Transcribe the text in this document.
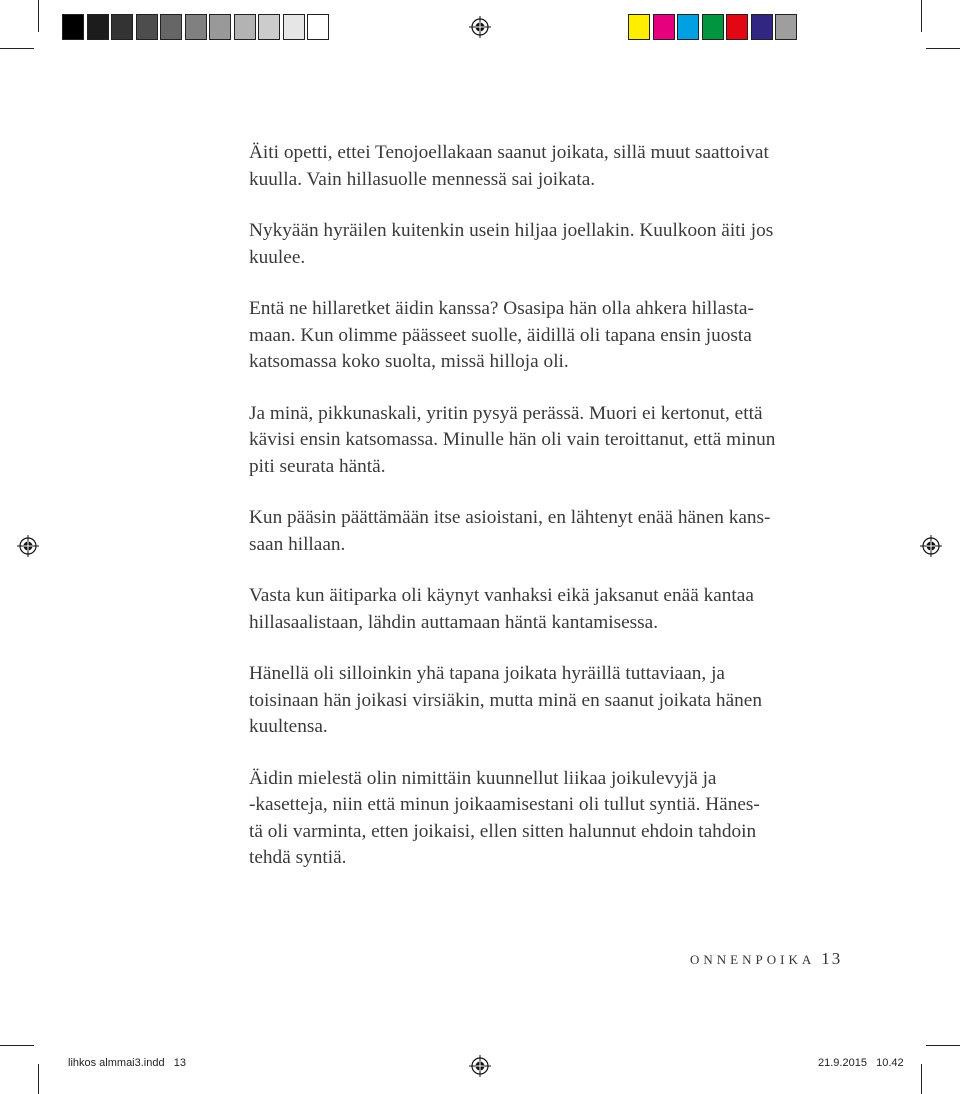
Äiti opetti, ettei Tenojoellakaan saanut joikata, sillä muut saattoivat
kuulla. Vain hillasuolle mennessä sai joikata.

Nykyään hyräilen kuitenkin usein hiljaa joellakin. Kuulkoon äiti jos
kuulee.

Entä ne hillaretket äidin kanssa? Osasipa hän olla ahkera hillasta-
maan. Kun olimme päässeet suolle, äidillä oli tapana ensin juosta
katsomassa koko suolta, missä hilloja oli.

Ja minä, pikkunaskali, yritin pysyä perässä. Muori ei kertonut, että
kävisi ensin katsomassa. Minulle hän oli vain teroittanut, että minun
piti seurata häntä.

Kun pääsin päättämään itse asioistani, en lähtenyt enää hänen kans-
saan hillaan.

Vasta kun äitiparka oli käynyt vanhaksi eikä jaksanut enää kantaa
hillasaalistaan, lähdin auttamaan häntä kantamisessa.

Hänellä oli silloinkin yhä tapana joikata hyräillä tuttaviaan, ja
toisinaan hän joikasi virsiäkin, mutta minä en saanut joikata hänen
kuultensa.

Äidin mielestä olin nimittäin kuunnellut liikaa joikulevyjä ja
-kasetteja, niin että minun joikaamisestani oli tullut syntiä. Hänes-
tä oli varminta, etten joikaisi, ellen sitten halunnut ehdoin tahdoin
tehdä syntiä.

ONNENPOIKA 13
lihkos almmai3.indd   13	21.9.2015   10.42
